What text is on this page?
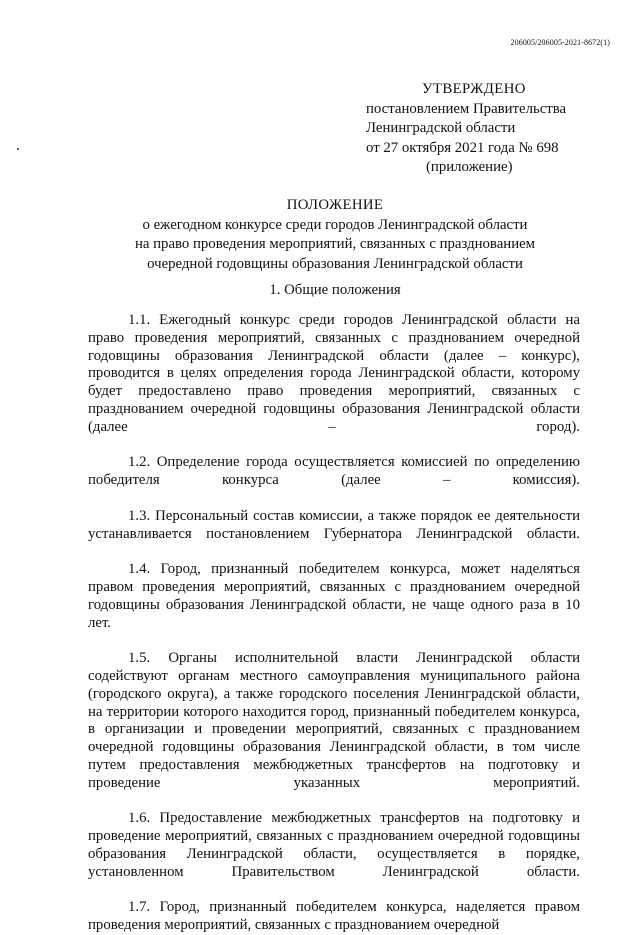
206005/206005-2021-8672(1)
УТВЕРЖДЕНО
постановлением Правительства
Ленинградской области
от 27 октября 2021 года № 698
(приложение)
ПОЛОЖЕНИЕ
о ежегодном конкурсе среди городов Ленинградской области
на право проведения мероприятий, связанных с празднованием
очередной годовщины образования Ленинградской области
1. Общие положения

1.1. Ежегодный конкурс среди городов Ленинградской области на право проведения мероприятий, связанных с празднованием очередной годовщины образования Ленинградской области (далее – конкурс), проводится в целях определения города Ленинградской области, которому будет предоставлено право проведения мероприятий, связанных с празднованием очередной годовщины образования Ленинградской области (далее – город).

1.2. Определение города осуществляется комиссией по определению победителя конкурса (далее – комиссия).

1.3. Персональный состав комиссии, а также порядок ее деятельности устанавливается постановлением Губернатора Ленинградской области.

1.4. Город, признанный победителем конкурса, может наделяться правом проведения мероприятий, связанных с празднованием очередной годовщины образования Ленинградской области, не чаще одного раза в 10 лет.

1.5. Органы исполнительной власти Ленинградской области содействуют органам местного самоуправления муниципального района (городского округа), а также городского поселения Ленинградской области, на территории которого находится город, признанный победителем конкурса, в организации и проведении мероприятий, связанных с празднованием очередной годовщины образования Ленинградской области, в том числе путем предоставления межбюджетных трансфертов на подготовку и проведение указанных мероприятий.

1.6. Предоставление межбюджетных трансфертов на подготовку и проведение мероприятий, связанных с празднованием очередной годовщины образования Ленинградской области, осуществляется в порядке, установленном Правительством Ленинградской области.

1.7. Город, признанный победителем конкурса, наделяется правом проведения мероприятий, связанных с празднованием очередной
